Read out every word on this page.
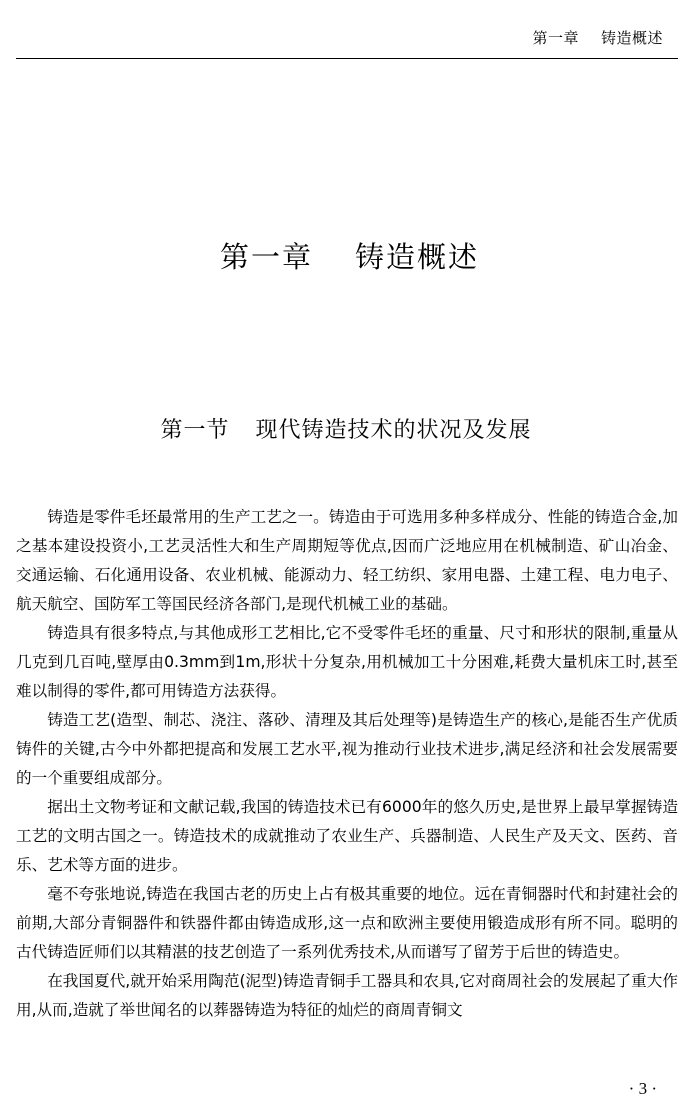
第一章 铸造概述
第一章 铸造概述
第一节 现代铸造技术的状况及发展

铸造是零件毛坯最常用的生产工艺之一。铸造由于可选用多种多样成分、性能的铸造合金,加之基本建设投资小,工艺灵活性大和生产周期短等优点,因而广泛地应用在机械制造、矿山冶金、交通运输、石化通用设备、农业机械、能源动力、轻工纺织、家用电器、土建工程、电力电子、航天航空、国防军工等国民经济各部门,是现代机械工业的基础。

铸造具有很多特点,与其他成形工艺相比,它不受零件毛坯的重量、尺寸和形状的限制,重量从几克到几百吨,壁厚由0.3mm到1m,形状十分复杂,用机械加工十分困难,耗费大量机床工时,甚至难以制得的零件,都可用铸造方法获得。

铸造工艺(造型、制芯、浇注、落砂、清理及其后处理等)是铸造生产的核心,是能否生产优质铸件的关键,古今中外都把提高和发展工艺水平,视为推动行业技术进步,满足经济和社会发展需要的一个重要组成部分。

据出土文物考证和文献记载,我国的铸造技术已有6000年的悠久历史,是世界上最早掌握铸造工艺的文明古国之一。铸造技术的成就推动了农业生产、兵器制造、人民生产及天文、医药、音乐、艺术等方面的进步。

毫不夸张地说,铸造在我国古老的历史上占有极其重要的地位。远在青铜器时代和封建社会的前期,大部分青铜器件和铁器件都由铸造成形,这一点和欧洲主要使用锻造成形有所不同。聪明的古代铸造匠师们以其精湛的技艺创造了一系列优秀技术,从而谱写了留芳于后世的铸造史。

在我国夏代,就开始采用陶范(泥型)铸造青铜手工器具和农具,它对商周社会的发展起了重大作用,从而,造就了举世闻名的以葬器铸造为特征的灿烂的商周青铜文

· 3 ·
